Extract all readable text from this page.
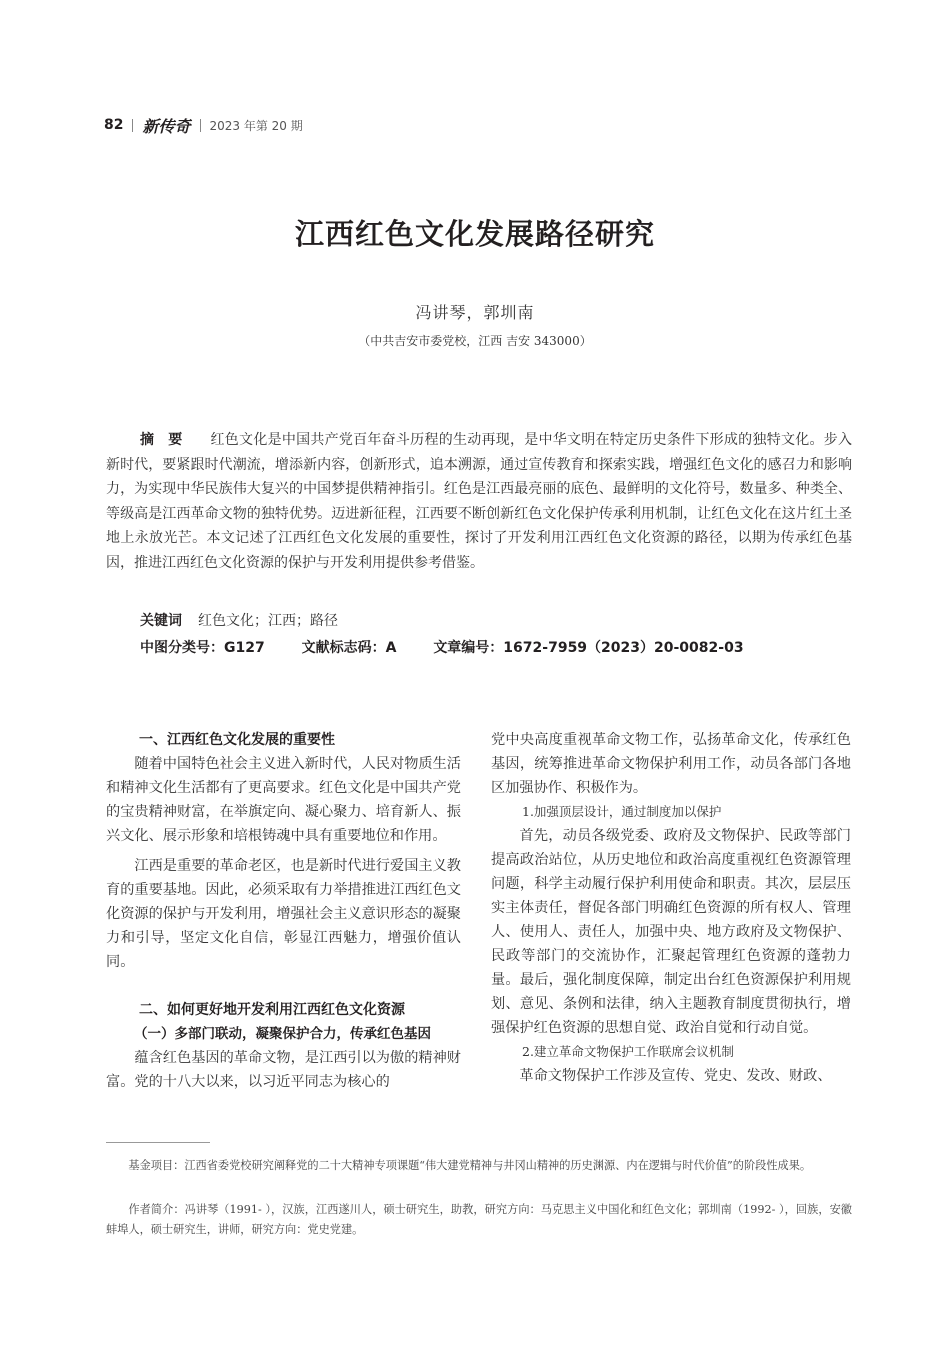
82 新传奇 2023 年第 20 期
江西红色文化发展路径研究
冯讲琴，郭圳南
（中共吉安市委党校，江西 吉安 343000）
摘要 红色文化是中国共产党百年奋斗历程的生动再现，是中华文明在特定历史条件下形成的独特文化。步入新时代，要紧跟时代潮流，增添新内容，创新形式，追本溯源，通过宣传教育和探索实践，增强红色文化的感召力和影响力，为实现中华民族伟大复兴的中国梦提供精神指引。红色是江西最亮丽的底色、最鲜明的文化符号，数量多、种类全、等级高是江西革命文物的独特优势。迈进新征程，江西要不断创新红色文化保护传承利用机制，让红色文化在这片红土圣地上永放光芒。本文记述了江西红色文化发展的重要性，探讨了开发利用江西红色文化资源的路径，以期为传承红色基因，推进江西红色文化资源的保护与开发利用提供参考借鉴。
关键词 红色文化；江西；路径
中图分类号：G127	文献标志码：A	文章编号：1672-7959（2023）20-0082-03
一、江西红色文化发展的重要性

随着中国特色社会主义进入新时代，人民对物质生活和精神文化生活都有了更高要求。红色文化是中国共产党的宝贵精神财富，在举旗定向、凝心聚力、培育新人、振兴文化、展示形象和培根铸魂中具有重要地位和作用。

江西是重要的革命老区，也是新时代进行爱国主义教育的重要基地。因此，必须采取有力举措推进江西红色文化资源的保护与开发利用，增强社会主义意识形态的凝聚力和引导，坚定文化自信，彰显江西魅力，增强价值认同。

二、如何更好地开发利用江西红色文化资源
（一）多部门联动，凝聚保护合力，传承红色基因

蕴含红色基因的革命文物，是江西引以为傲的精神财富。党的十八大以来，以习近平同志为核心的

党中央高度重视革命文物工作，弘扬革命文化，传承红色基因，统筹推进革命文物保护利用工作，动员各部门各地区加强协作、积极作为。

1.加强顶层设计，通过制度加以保护

首先，动员各级党委、政府及文物保护、民政等部门提高政治站位，从历史地位和政治高度重视红色资源管理问题，科学主动履行保护利用使命和职责。其次，层层压实主体责任，督促各部门明确红色资源的所有权人、管理人、使用人、责任人，加强中央、地方政府及文物保护、民政等部门的交流协作，汇聚起管理红色资源的蓬勃力量。最后，强化制度保障，制定出台红色资源保护利用规划、意见、条例和法律，纳入主题教育制度贯彻执行，增强保护红色资源的思想自觉、政治自觉和行动自觉。

2.建立革命文物保护工作联席会议机制

革命文物保护工作涉及宣传、党史、发改、财政、

基金项目：江西省委党校研究阐释党的二十大精神专项课题“伟大建党精神与井冈山精神的历史渊源、内在逻辑与时代价值”的阶段性成果。

作者简介：冯讲琴（1991- ），汉族，江西遂川人，硕士研究生，助教，研究方向：马克思主义中国化和红色文化；郭圳南（1992- ），回族，安徽蚌埠人，硕士研究生，讲师，研究方向：党史党建。
